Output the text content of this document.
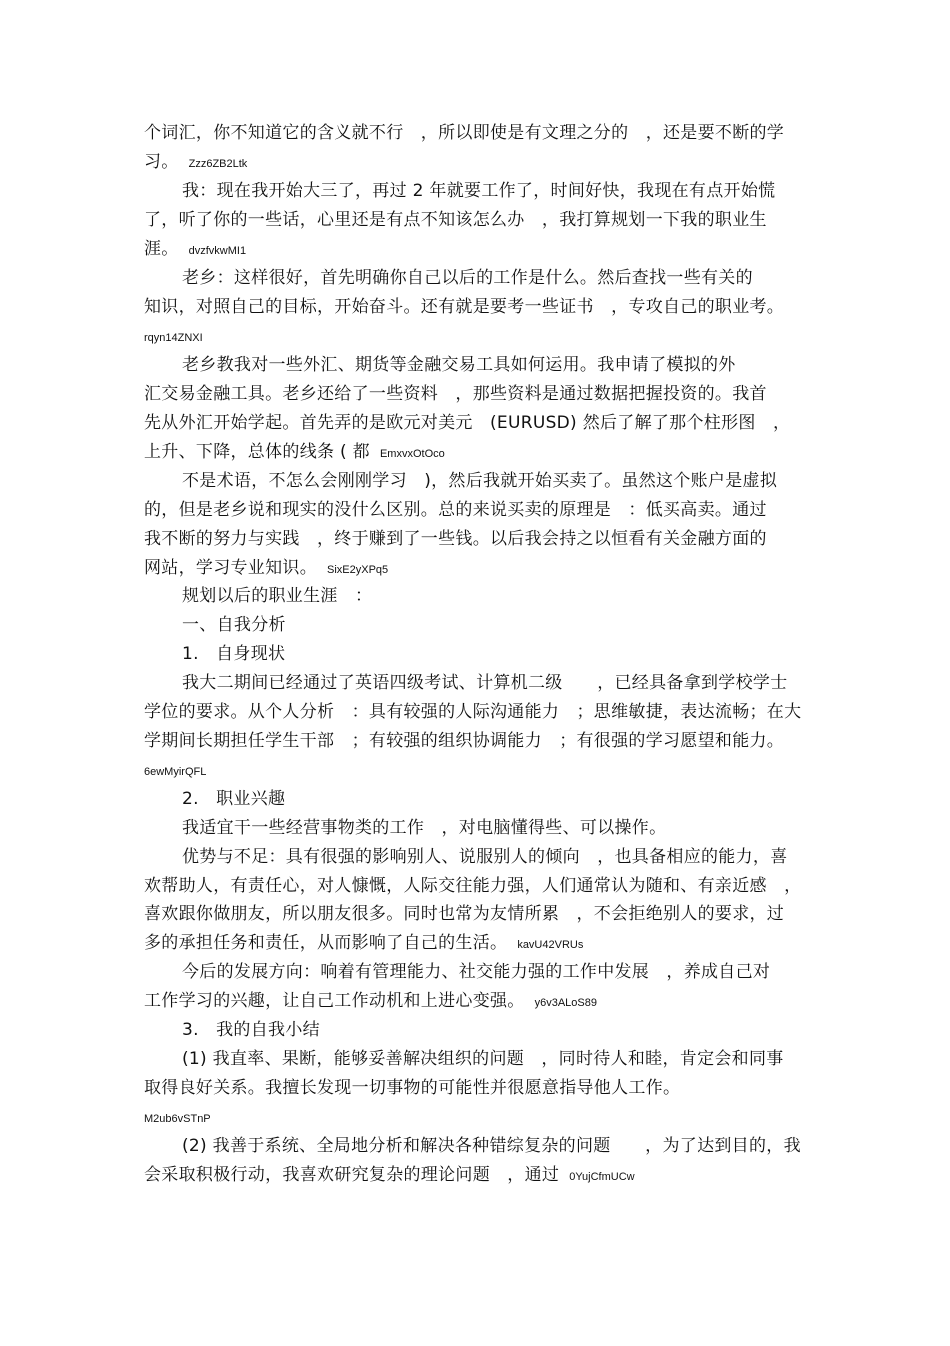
个词汇，你不知道它的含义就不行　，所以即使是有文理之分的　，还是要不断的学
习。 Zzz6ZB2Ltk
我：现在我开始大三了，再过 2 年就要工作了，时间好快，我现在有点开始慌
了，听了你的一些话，心里还是有点不知该怎么办　，我打算规划一下我的职业生
涯。 dvzfvkwMI1
老乡：这样很好，首先明确你自己以后的工作是什么。然后查找一些有关的
知识，对照自己的目标，开始奋斗。还有就是要考一些证书　，专攻自己的职业考。
rqyn14ZNXI
老乡教我对一些外汇、期货等金融交易工具如何运用。我申请了模拟的外
汇交易金融工具。老乡还给了一些资料　，那些资料是通过数据把握投资的。我首
先从外汇开始学起。首先弄的是欧元对美元　(EURUSD) 然后了解了那个柱形图　，
上升、下降，总体的线条 ( 都 EmxvxOtOco
不是术语，不怎么会刚刚学习　)，然后我就开始买卖了。虽然这个账户是虚拟
的，但是老乡说和现实的没什么区别。总的来说买卖的原理是　：低买高卖。通过
我不断的努力与实践　，终于赚到了一些钱。以后我会持之以恒看有关金融方面的
网站，学习专业知识。 SixE2yXPq5
规划以后的职业生涯　：
一、自我分析
1.　自身现状
我大二期间已经通过了英语四级考试、计算机二级　　，已经具备拿到学校学士
学位的要求。从个人分析　：具有较强的人际沟通能力　；思维敏捷，表达流畅；在大
学期间长期担任学生干部　；有较强的组织协调能力　；有很强的学习愿望和能力。
6ewMyirQFL
2.　职业兴趣
我适宜干一些经营事物类的工作　，对电脑懂得些、可以操作。
优势与不足：具有很强的影响别人、说服别人的倾向　，也具备相应的能力，喜
欢帮助人，有责任心，对人慷慨，人际交往能力强，人们通常认为随和、有亲近感　，
喜欢跟你做朋友，所以朋友很多。同时也常为友情所累　，不会拒绝别人的要求，过
多的承担任务和责任，从而影响了自己的生活。 kavU42VRUs
今后的发展方向：响着有管理能力、社交能力强的工作中发展　，养成自己对
工作学习的兴趣，让自己工作动机和上进心变强。 y6v3ALoS89
3.　我的自我小结
(1) 我直率、果断，能够妥善解决组织的问题　，同时待人和睦，肯定会和同事
取得良好关系。我擅长发现一切事物的可能性并很愿意指导他人工作。
M2ub6vSTnP
(2) 我善于系统、全局地分析和解决各种错综复杂的问题　　，为了达到目的，我
会采取积极行动，我喜欢研究复杂的理论问题　，通过 0YujCfmUCw
